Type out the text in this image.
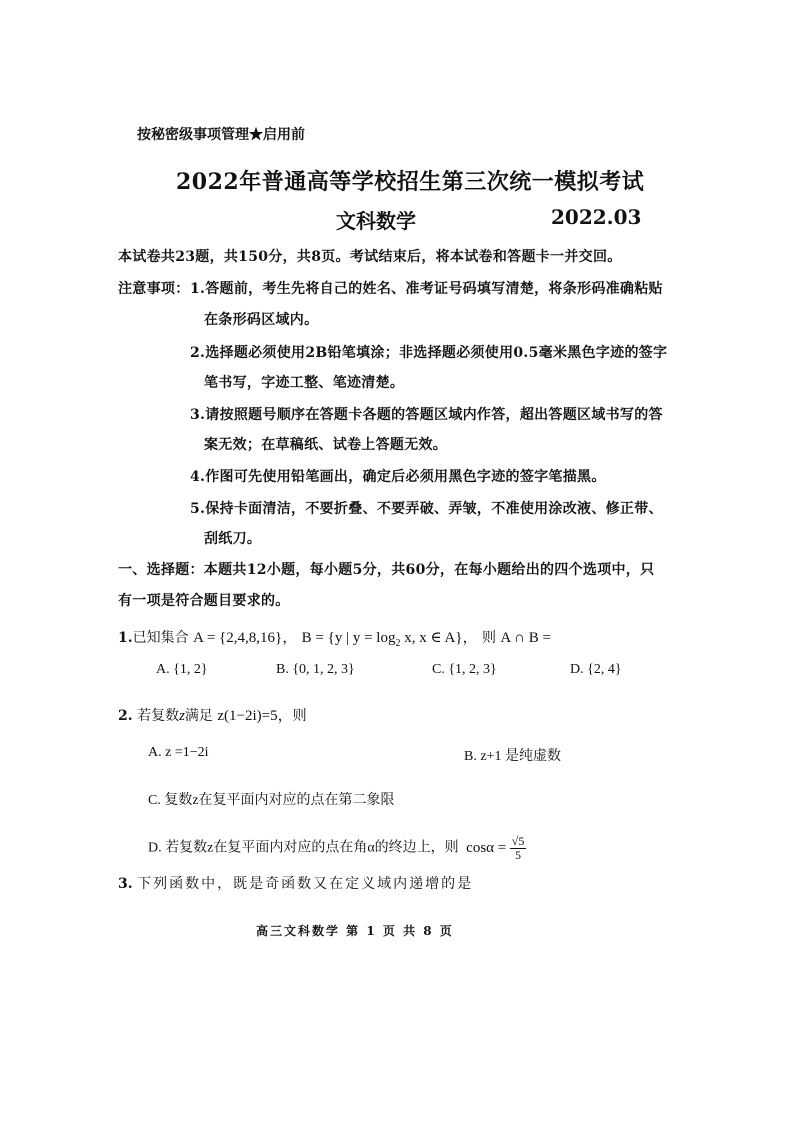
按秘密级事项管理★启用前
2022年普通高等学校招生第三次统一模拟考试
文科数学	2022.03
本试卷共23题，共150分，共8页。考试结束后，将本试卷和答题卡一并交回。
注意事项： 1.答题前，考生先将自己的姓名、准考证号码填写清楚，将条形码准确粘贴
在条形码区域内。
2.选择题必须使用2B铅笔填涂；非选择题必须使用0.5毫米黑色字迹的签字
笔书写，字迹工整、笔迹清楚。
3.请按照题号顺序在答题卡各题的答题区域内作答，超出答题区域书写的答
案无效；在草稿纸、试卷上答题无效。
4.作图可先使用铅笔画出，确定后必须用黑色字迹的签字笔描黑。
5.保持卡面清洁，不要折叠、不要弄破、弄皱，不准使用涂改液、修正带、
刮纸刀。
一、选择题：本题共12小题，每小题5分，共60分，在每小题给出的四个选项中，只
有一项是符合题目要求的。
1.已知集合 A = {2,4,8,16}， B = {y | $y = \log_2 x$, x ∈ A}， 则 A ∩ B =
A. {1, 2}	B. {0, 1, 2, 3}	C. {1, 2, 3}	D. {2, 4}
2. 若复数z满足 z(1−2i)=5，则
A. z =1−2i	B. z+1 是纯虚数
C. 复数z在复平面内对应的点在第二象限
D. 若复数z在复平面内对应的点在角α的终边上，则 $\cos\alpha = \frac{√5}{5}$
3. 下列函数中，既是奇函数又在定义域内递增的是
高三文科数学 第 1 页 共 8 页
